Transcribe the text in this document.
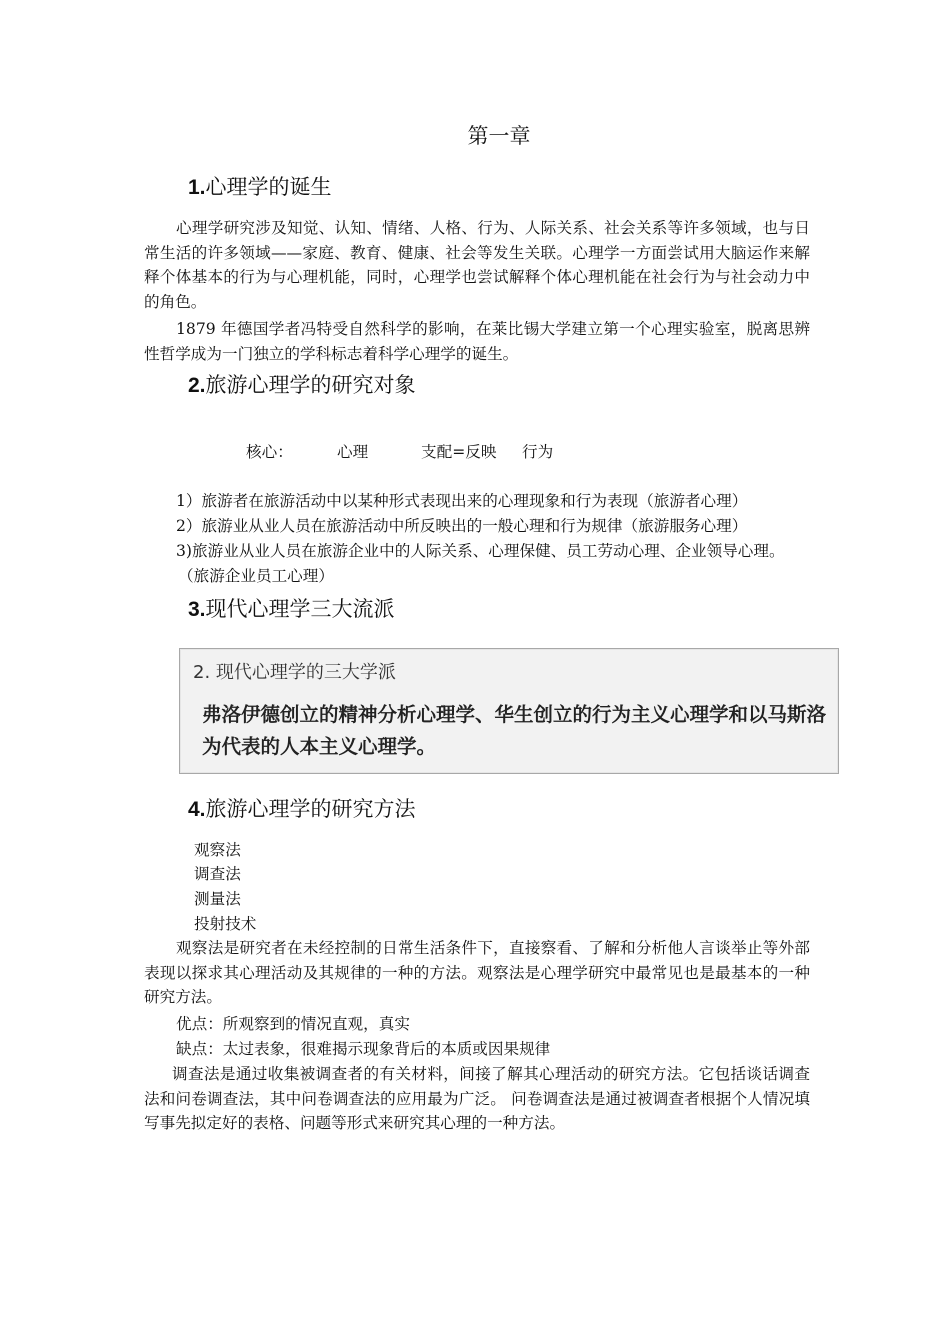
第一章
1.心理学的诞生

心理学研究涉及知觉、认知、情绪、人格、行为、人际关系、社会关系等许多领域，也与日常生活的许多领域——家庭、教育、健康、社会等发生关联。心理学一方面尝试用大脑运作来解释个体基本的行为与心理机能，同时，心理学也尝试解释个体心理机能在社会行为与社会动力中的角色。

1879 年德国学者冯特受自然科学的影响，在莱比锡大学建立第一个心理实验室，脱离思辨性哲学成为一门独立的学科标志着科学心理学的诞生。

2.旅游心理学的研究对象
核心：	心理	支配=反映 行为
1）旅游者在旅游活动中以某种形式表现出来的心理现象和行为表现（旅游者心理）
2）旅游业从业人员在旅游活动中所反映出的一般心理和行为规律（旅游服务心理）
3)旅游业从业人员在旅游企业中的人际关系、心理保健、员工劳动心理、企业领导心理。
（旅游企业员工心理）
3.现代心理学三大流派
2. 现代心理学的三大学派
弗洛伊德创立的精神分析心理学、华生创立的行为主义心理学和以马斯洛为代表的人本主义心理学。
4.旅游心理学的研究方法
观察法
调查法
测量法
投射技术

观察法是研究者在未经控制的日常生活条件下，直接察看、了解和分析他人言谈举止等外部表现以探求其心理活动及其规律的一种的方法。观察法是心理学研究中最常见也是最基本的一种研究方法。

优点：所观察到的情况直观，真实
缺点：太过表象，很难揭示现象背后的本质或因果规律

调查法是通过收集被调查者的有关材料，间接了解其心理活动的研究方法。它包括谈话调查法和问卷调查法，其中问卷调查法的应用最为广泛。 问卷调查法是通过被调查者根据个人情况填写事先拟定好的表格、问题等形式来研究其心理的一种方法。
